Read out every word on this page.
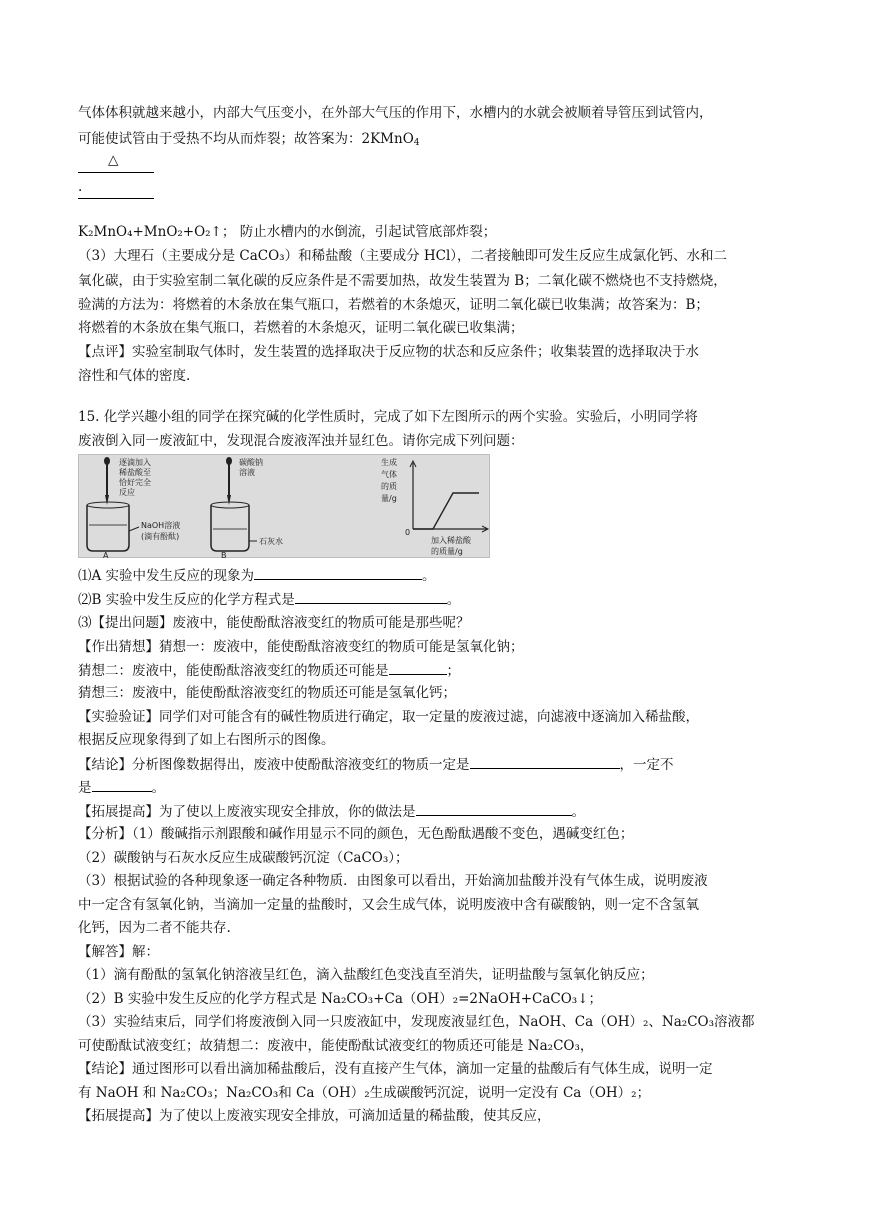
气体体积就越来越小，内部大气压变小，在外部大气压的作用下，水槽内的水就会被顺着导管压到试管内，
可能使试管由于受热不均从而炸裂；故答案为：2KMnO$_4$
△
.
K₂MnO₄+MnO₂+O₂↑； 防止水槽内的水倒流，引起试管底部炸裂；
（3）大理石（主要成分是 CaCO₃）和稀盐酸（主要成分 HCl），二者接触即可发生反应生成氯化钙、水和二
氧化碳，由于实验室制二氧化碳的反应条件是不需要加热，故发生装置为 B；二氧化碳不燃烧也不支持燃烧，
验满的方法为：将燃着的木条放在集气瓶口，若燃着的木条熄灭，证明二氧化碳已收集满；故答案为：B；
将燃着的木条放在集气瓶口，若燃着的木条熄灭，证明二氧化碳已收集满；
【点评】实验室制取气体时，发生装置的选择取决于反应物的状态和反应条件；收集装置的选择取决于水
溶性和气体的密度.
15. 化学兴趣小组的同学在探究碱的化学性质时，完成了如下左图所示的两个实验。实验后，小明同学将
废液倒入同一废液缸中，发现混合废液浑浊并显红色。请你完成下列问题：
逐滴加入
稀盐酸至
恰好完全
反应
NaOH溶液
(滴有酚酞)
A
碳酸钠
溶液
石灰水
B
生成
气体
的质
量/g
0
加入稀盐酸
的质量/g
⑴A 实验中发生反应的现象为	。
⑵B 实验中发生反应的化学方程式是	。
⑶【提出问题】废液中，能使酚酞溶液变红的物质可能是那些呢？
【作出猜想】猜想一：废液中，能使酚酞溶液变红的物质可能是氢氧化钠；
猜想二：废液中，能使酚酞溶液变红的物质还可能是	；
猜想三：废液中，能使酚酞溶液变红的物质还可能是氢氧化钙；
【实验验证】同学们对可能含有的碱性物质进行确定，取一定量的废液过滤，向滤液中逐滴加入稀盐酸，
根据反应现象得到了如上右图所示的图像。
【结论】分析图像数据得出，废液中使酚酞溶液变红的物质一定是	，一定不
是	。
【拓展提高】为了使以上废液实现安全排放，你的做法是	。
【分析】（1）酸碱指示剂跟酸和碱作用显示不同的颜色，无色酚酞遇酸不变色，遇碱变红色；
（2）碳酸钠与石灰水反应生成碳酸钙沉淀（CaCO₃）；
（3）根据试验的各种现象逐一确定各种物质．由图象可以看出，开始滴加盐酸并没有气体生成，说明废液
中一定含有氢氧化钠，当滴加一定量的盐酸时，又会生成气体，说明废液中含有碳酸钠，则一定不含氢氧
化钙，因为二者不能共存.
【解答】解：
（1）滴有酚酞的氢氧化钠溶液呈红色，滴入盐酸红色变浅直至消失，证明盐酸与氢氧化钠反应；
（2）B 实验中发生反应的化学方程式是 Na₂CO₃+Ca（OH）₂=2NaOH+CaCO₃↓；
（3）实验结束后，同学们将废液倒入同一只废液缸中，发现废液显红色，NaOH、Ca（OH）₂、Na₂CO₃溶液都
可使酚酞试液变红；故猜想二：废液中，能使酚酞试液变红的物质还可能是 Na₂CO₃，
【结论】通过图形可以看出滴加稀盐酸后，没有直接产生气体，滴加一定量的盐酸后有气体生成，说明一定
有 NaOH 和 Na₂CO₃；Na₂CO₃和 Ca（OH）₂生成碳酸钙沉淀，说明一定没有 Ca（OH）₂；
【拓展提高】为了使以上废液实现安全排放，可滴加适量的稀盐酸，使其反应，
